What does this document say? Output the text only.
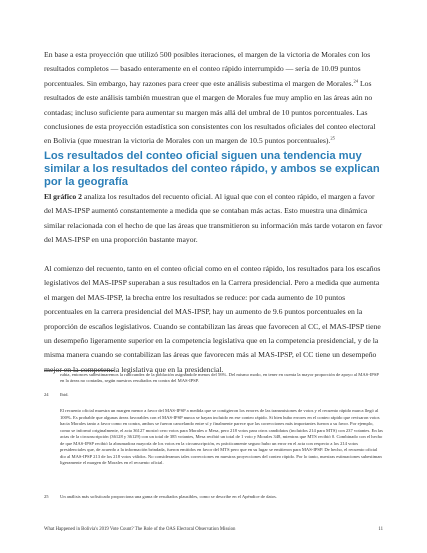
En base a esta proyección que utilizó 500 posibles iteraciones, el margen de la victoria de Morales con los resultados completos — basado enteramente en el conteo rápido interrumpido — sería de 10.09 puntos porcentuales. Sin embargo, hay razones para creer que este análisis subestima el margen de Morales.$^{24}$ Los resultados de este análisis también muestran que el margen de Morales fue muy amplio en las áreas aún no contadas; incluso suficiente para aumentar su margen más allá del umbral de 10 puntos porcentuales. Las conclusiones de esta proyección estadística son consistentes con los resultados oficiales del conteo electoral en Bolivia (que muestran la victoria de Morales con un margen de 10.5 puntos porcentuales).$^{25}$

Los resultados del conteo oficial siguen una tendencia muy similar a los resultados del conteo rápido, y ambos se explican por la geografía

El gráfico 2 analiza los resultados del recuento oficial. Al igual que con el conteo rápido, el margen a favor del MAS-IPSP aumentó constantemente a medida que se contaban más actas. Esto muestra una dinámica similar relacionada con el hecho de que las áreas que transmitieron su información más tarde votaron en favor del MAS-IPSP en una proporción bastante mayor.

Al comienzo del recuento, tanto en el conteo oficial como en el conteo rápido, los resultados para los escaños legislativos del MAS-IPSP superaban a sus resultados en la Carrera presidencial. Pero a medida que aumenta el margen del MAS-IPSP, la brecha entre los resultados se reduce: por cada aumento de 10 puntos porcentuales en la carrera presidencial del MAS-IPSP, hay un aumento de 9.6 puntos porcentuales en la proporción de escaños legislativos. Cuando se contabilizan las áreas que favorecen al CC, el MAS-IPSP tiene un desempeño ligeramente superior en la competencia legislativa que en la competencia presidencial, y de la misma manera cuando se contabilizan las áreas que favorecen más al MAS-IPSP, el CC tiene un desempeño mejor en la competencia legislativa que en la presidencial.

rubia, entonces subestimaremos la rubicundez de la población asignándole menos del 56%. Del mismo modo, en tener en cuenta la mayor proporción de apoyo al MAS-IPSP en la áreas no contadas, según nuestros resultados en contra del MAS-IPSP.

24 Ibid.

El recuento oficial muestra un margen menor a favor del MAS-IPSP a medida que se contigieron los errores de las transmisiones de votos y el recuento rápido marca llegó al 100%. Es probable que algunas áreas favorables con el MAS-IPSP nunca se hayan incluido en ese conteo rápido. Si bien hubo errores en el conteo rápido que revisaron votos hacia Morales tanto a favor como en contra, ambos se fueron cancelando entre sí y finalmente parece que las correcciones más importantes fueron a su favor. Por ejemplo, como se informó originalmente, el acta 36127 mostró cero votos para Morales o Mesa, pero 218 votos para otros candidatos (incluidos 214 para MTS) con 237 votantes. En las actas de la circunscripción (36128 y 36129) con un total de 385 votantes, Mesa recibió un total de 1 voto y Morales 348, mientras que MTS recibió 0. Combinado con el hecho de que MAS-IPSP recibió la abrumadora mayoría de los votos en la circunscripción, es prácticamente seguro hubo un error en el acta con respecto a los 214 votos presidenciales que, de acuerdo a la información brindada, fueron emitidos en favor del MTS pero que en su lugar se emitieron para MAS-IPSP. De hecho, el recuento oficial dio al MAS-IPSP 213 de los 218 votos válidos. No consideramos tales correcciones en nuestras proyecciones del conteo rápido. Por lo tanto, nuestras estimaciones subestiman ligeramente el margen de Morales en el recuento oficial.

25 Un análisis más sofisticado proporciona una gama de resultados plausibles, como se describe en el Apéndice de datos.

What Happened in Bolivia's 2019 Vote Count? The Role of the OAS Electoral Observation Mission	11
